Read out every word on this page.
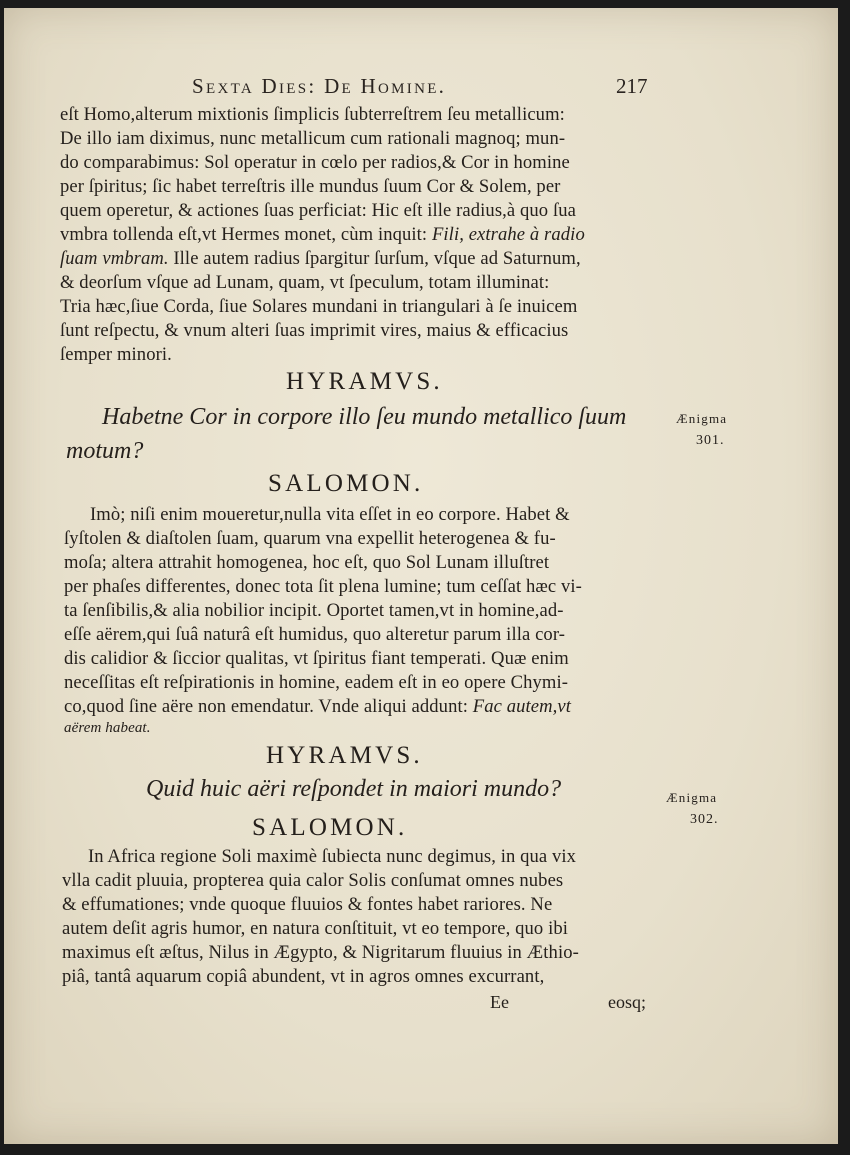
Sexta Dies: De Homine.	217
eſt Homo,alterum mixtionis ſimplicis ſubterreſtrem ſeu metallicum:
De illo iam diximus, nunc metallicum cum rationali magnoq; mun-
do comparabimus: Sol operatur in cœlo per radios,& Cor in homine
per ſpiritus; ſic habet terreſtris ille mundus ſuum Cor & Solem, per
quem operetur, & actiones ſuas perficiat: Hic eſt ille radius,à quo ſua
vmbra tollenda eſt,vt Hermes monet, cùm inquit: Fili, extrahe à radio
ſuam vmbram. Ille autem radius ſpargitur ſurſum, vſque ad Saturnum,
& deorſum vſque ad Lunam, quam, vt ſpeculum, totam illuminat:
Tria hæc,ſiue Corda, ſiue Solares mundani in triangulari à ſe inuicem
ſunt reſpectu, & vnum alteri ſuas imprimit vires, maius & efficacius
ſemper minori.
HYRAMVS.
Habetne Cor in corpore illo ſeu mundo metallico ſuum
motum?
Ænigma
301.
SALOMON.
Imò; niſi enim moueretur,nulla vita eſſet in eo corpore. Habet &
ſyſtolen & diaſtolen ſuam, quarum vna expellit heterogenea & fu-
moſa; altera attrahit homogenea, hoc eſt, quo Sol Lunam illuſtret
per phaſes differentes, donec tota ſit plena lumine; tum ceſſat hæc vi-
ta ſenſibilis,& alia nobilior incipit. Oportet tamen,vt in homine,ad-
eſſe aërem,qui ſuâ naturâ eſt humidus, quo alteretur parum illa cor-
dis calidior & ſiccior qualitas, vt ſpiritus fiant temperati. Quæ enim
neceſſitas eſt reſpirationis in homine, eadem eſt in eo opere Chymi-
co,quod ſine aëre non emendatur. Vnde aliqui addunt: Fac autem,vt
aërem habeat.
HYRAMVS.
Quid huic aëri reſpondet in maiori mundo?	Ænigma
302.
SALOMON.
In Africa regione Soli maximè ſubiecta nunc degimus, in qua vix
vlla cadit pluuia, propterea quia calor Solis conſumat omnes nubes
& effumationes; vnde quoque fluuios & fontes habet rariores. Ne
autem deſit agris humor, en natura conſtituit, vt eo tempore, quo ibi
maximus eſt æſtus, Nilus in Ægypto, & Nigritarum fluuius in Æthio-
piâ, tantâ aquarum copiâ abundent, vt in agros omnes excurrant,
Ee	eosq;
